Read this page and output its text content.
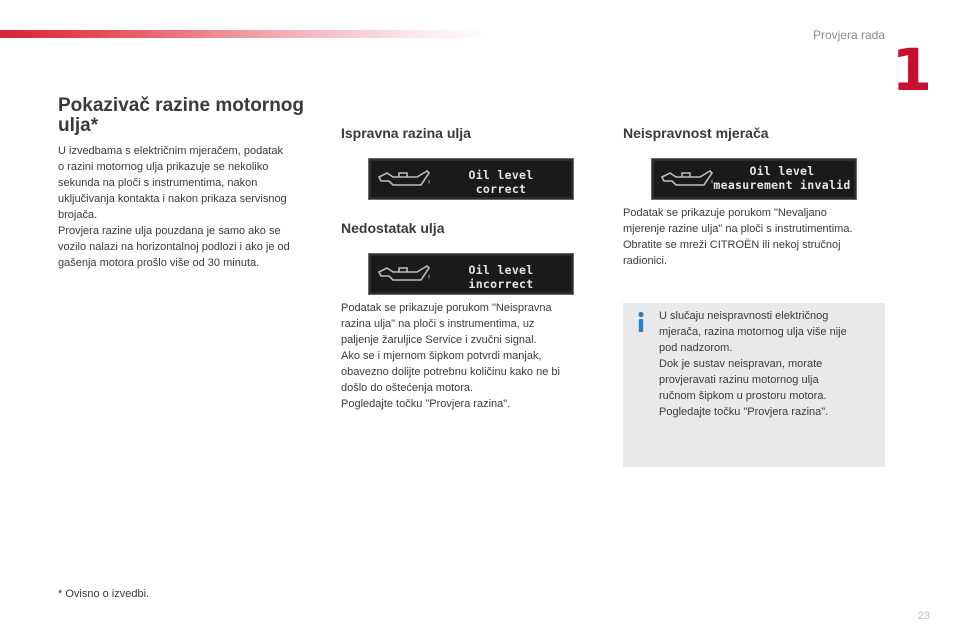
Provjera rada
1
Pokazivač razine motornog ulja*

U izvedbama s električnim mjeračem, podatak
o razini motornog ulja prikazuje se nekoliko
sekunda na ploči s instrumentima, nakon
uključivanja kontakta i nakon prikaza servisnog
brojača.
Provjera razine ulja pouzdana je samo ako se
vozilo nalazi na horizontalnoj podlozi i ako je od
gašenja motora prošlo više od 30 minuta.

Ispravna razina ulja
Oil level correct
Nedostatak ulja
Oil level incorrect

Podatak se prikazuje porukom "Neispravna
razina ulja" na ploči s instrumentima, uz
paljenje žaruljice Service i zvučni signal.
Ako se i mjernom šipkom potvrdi manjak,
obavezno dolijte potrebnu količinu kako ne bi
došlo do oštećenja motora.
Pogledajte točku "Provjera razina".

Neispravnost mjerača
Oil level
measurement invalid

Podatak se prikazuje porukom "Nevaljano
mjerenje razine ulja" na ploči s instrutimentima.
Obratite se mreži CITROËN ili nekoj stručnoj
radionici.

U slučaju neispravnosti električnog
mjerača, razina motornog ulja više nije
pod nadzorom.
Dok je sustav neispravan, morate
provjeravati razinu motornog ulja
ručnom šipkom u prostoru motora.
Pogledajte točku "Provjera razina".

* Ovisno o izvedbi.
23
